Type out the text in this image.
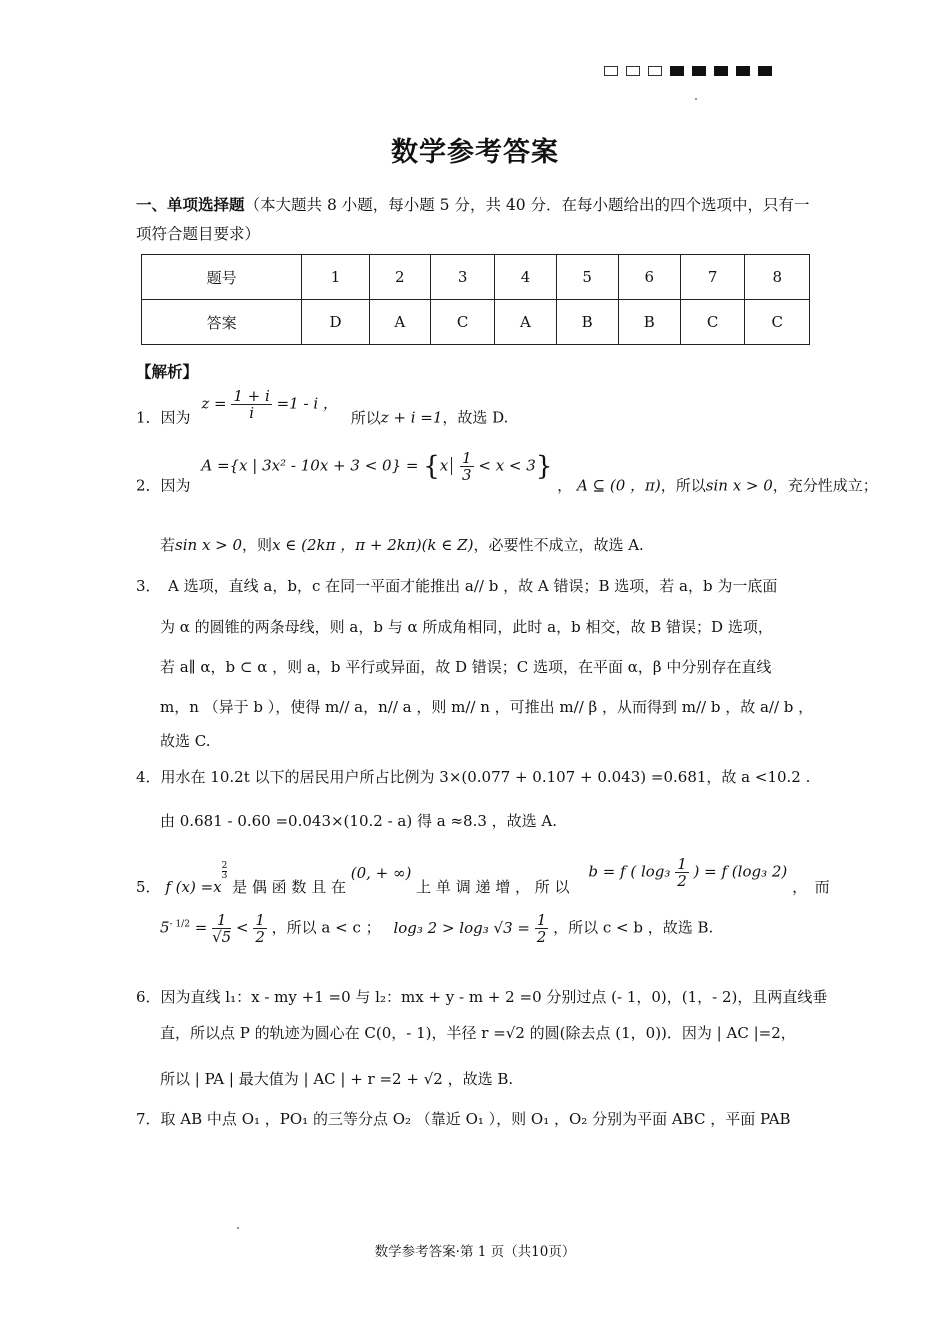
数学参考答案
一、单项选择题（本大题共 8 小题，每小题 5 分，共 40 分．在每小题给出的四个选项中，只有一项符合题目要求）
题号	1	2	3	4	5	6	7	8
答案	D	A	C	A	B	B	C	C
【解析】
1．因为 $z = \frac{1 + i}{i} =1 - i$ ， 所以z + i =1，故选 D.
2．因为 A ={x | $3x^2 - 10x + 3 < 0\} = \{x \frac{1}{3} < x < 3\}$ ， A ⊆ (0 ，π)，所以sin x > 0，充分性成立；
若sin x > 0，则x ∈ (2kπ ，π + 2kπ)(k ∈ Z)，必要性不成立，故选 A.
3．　A 选项，直线 a，b，c 在同一平面才能推出 a// b ，故 A 错误；B 选项，若 a，b 为一底面
为 α 的圆锥的两条母线，则 a，b 与 α 所成角相同，此时 a，b 相交，故 B 错误；D 选项，
若 a∥ α，b ⊂ α ，则 a，b 平行或异面，故 D 错误；C 选项，在平面 α，β 中分别存在直线
m，n （异于 b ），使得 m// a，n// a ，则 m// n ，可推出 m// β ，从而得到 m// b ，故 a// b ，
故选 C.
4．用水在 10.2t 以下的居民用户所占比例为 3×(0.077 + 0.107 + 0.043) =0.681，故 a <10.2 .
由 0.681 - 0.60 =0.043×(10.2 - a) 得 a ≈8.3 ，故选 A.
5． f (x) =x
$^{\frac{2}{3}}$
是 偶 函 数 且 在 (0, + ∞) 上 单 调 递 增 ， 所 以 b = f ( $\log_3 \frac{1}{2}$ ) = f (log₃ 2) ，　而
$5^{- 1/2} = \frac{1}{√5} < \frac{1}{2}$ ，所以 a < c ； log₃ 2 > log₃ $√3 = \frac{1}{2}$ ，所以 c < b ，故选 B.
6．因为直线 l₁：x - my +1 =0 与 l₂：mx + y - m + 2 =0 分别过点 (- 1，0)，(1，- 2)，且两直线垂
直，所以点 P 的轨迹为圆心在 C(0，- 1)，半径 r =√2 的圆(除去点 (1，0))．因为 | AC |=2，
所以 | PA | 最大值为 | AC | + r =2 + √2 ，故选 B.
7．取 AB 中点 O₁ ，PO₁ 的三等分点 O₂ （靠近 O₁ ），则 O₁ ，O₂ 分别为平面 ABC ，平面 PAB
数学参考答案·第 1 页（共10页）
